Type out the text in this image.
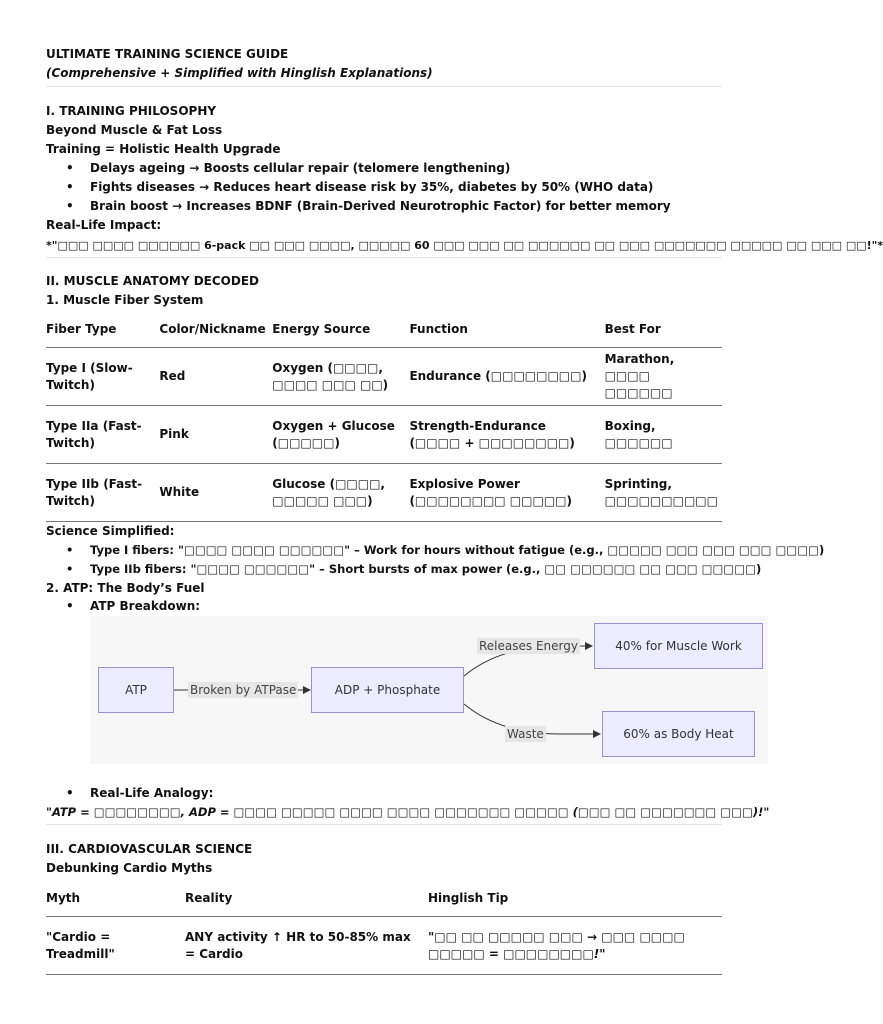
ULTIMATE TRAINING SCIENCE GUIDE
(Comprehensive + Simplified with Hinglish Explanations)
I. TRAINING PHILOSOPHY
Beyond Muscle & Fat Loss
Training = Holistic Health Upgrade
• Delays ageing → Boosts cellular repair (telomere lengthening)
• Fights diseases → Reduces heart disease risk by 35%, diabetes by 50% (WHO data)
• Brain boost → Increases BDNF (Brain-Derived Neurotrophic Factor) for better memory
Real-Life Impact:
*"□□□ □□□□ □□□□□□ 6-pack □□ □□□ □□□□, □□□□□ 60 □□□ □□□ □□ □□□□□□ □□ □□□ □□□□□□□ □□□□□ □□ □□□ □□!"*
II. MUSCLE ANATOMY DECODED
1. Muscle Fiber System
Fiber Type	Color/Nickname	Energy Source	Function	Best For
Type I (Slow-Twitch)	Red	Oxygen (□□□□, □□□□ □□□ □□)	Endurance (□□□□□□□□)	Marathon, □□□□ □□□□□□
Type IIa (Fast-Twitch)	Pink	Oxygen + Glucose (□□□□□)	Strength-Endurance (□□□□ + □□□□□□□□)	Boxing, □□□□□□
Type IIb (Fast-Twitch)	White	Glucose (□□□□, □□□□□ □□□)	Explosive Power (□□□□□□□□ □□□□□)	Sprinting, □□□□□□□□□□
Science Simplified:
• Type I fibers: "□□□□ □□□□ □□□□□□" – Work for hours without fatigue (e.g., □□□□□ □□□ □□□ □□□ □□□□)
• Type IIb fibers: "□□□□ □□□□□□" – Short bursts of max power (e.g., □□ □□□□□□ □□ □□□ □□□□□)
2. ATP: The Body’s Fuel
• ATP Breakdown:
ATP	ADP + Phosphate
40% for Muscle Work
60% as Body Heat
Broken by ATPase
Releases Energy
Waste
• Real-Life Analogy:
"ATP = □□□□□□□□, ADP = □□□□ □□□□□ □□□□ □□□□ □□□□□□□ □□□□□ (□□□ □□ □□□□□□□ □□□)!"
III. CARDIOVASCULAR SCIENCE
Debunking Cardio Myths
Myth	Reality	Hinglish Tip
"Cardio = Treadmill"	ANY activity ↑ HR to 50-85% max = Cardio	"□□ □□ □□□□□ □□□ → □□□ □□□□ □□□□□ = □□□□□□□□!"
